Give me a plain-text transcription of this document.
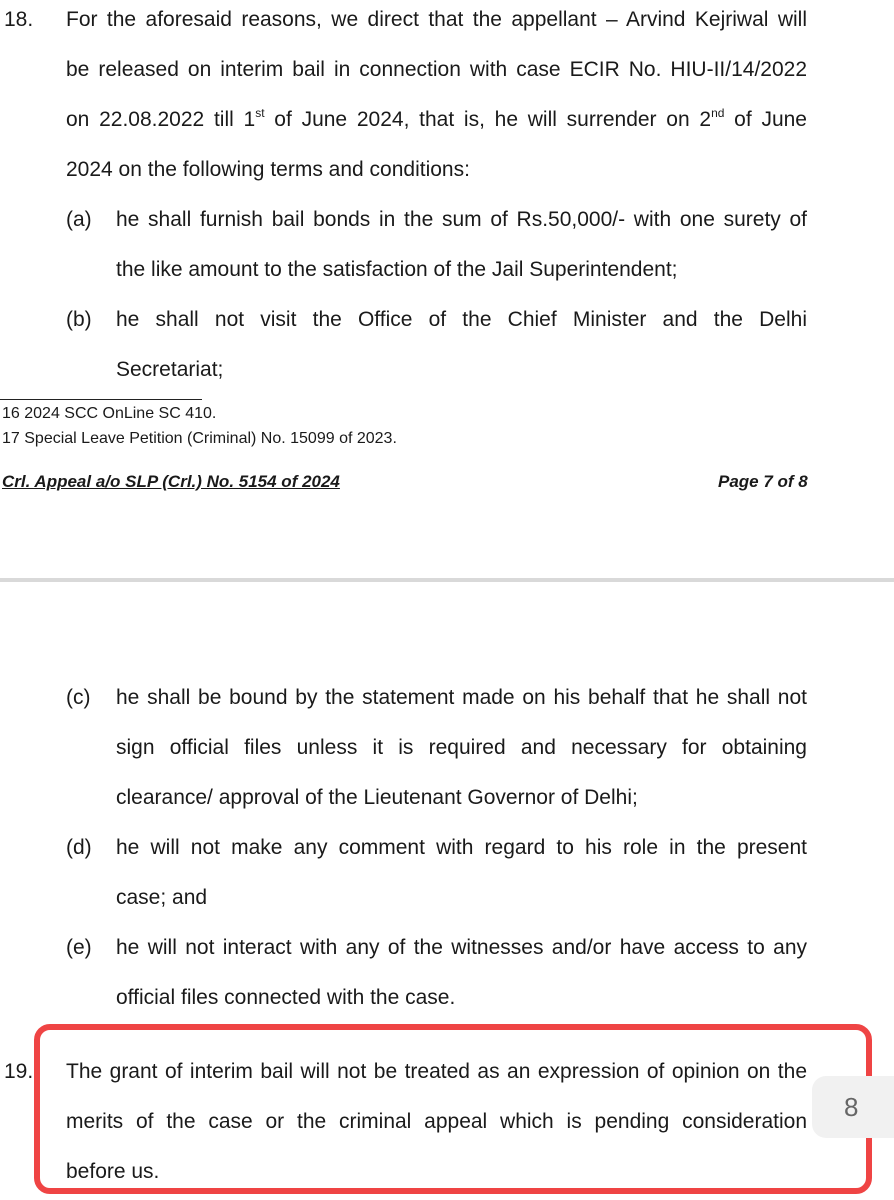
18. For the aforesaid reasons, we direct that the appellant – Arvind Kejriwal will
be released on interim bail in connection with case ECIR No. HIU-II/14/2022
on 22.08.2022 till 1st of June 2024, that is, he will surrender on 2nd of June
2024 on the following terms and conditions:
(a) he shall furnish bail bonds in the sum of Rs.50,000/- with one surety of
the like amount to the satisfaction of the Jail Superintendent;
(b) he shall not visit the Office of the Chief Minister and the Delhi
Secretariat;
16 2024 SCC OnLine SC 410.
17 Special Leave Petition (Criminal) No. 15099 of 2023.
Crl. Appeal a/o SLP (Crl.) No. 5154 of 2024	Page 7 of 8
(c) he shall be bound by the statement made on his behalf that he shall not
sign official files unless it is required and necessary for obtaining
clearance/ approval of the Lieutenant Governor of Delhi;
(d) he will not make any comment with regard to his role in the present
case; and
(e) he will not interact with any of the witnesses and/or have access to any
official files connected with the case.
19. The grant of interim bail will not be treated as an expression of opinion on the
merits of the case or the criminal appeal which is pending consideration
before us.
8
